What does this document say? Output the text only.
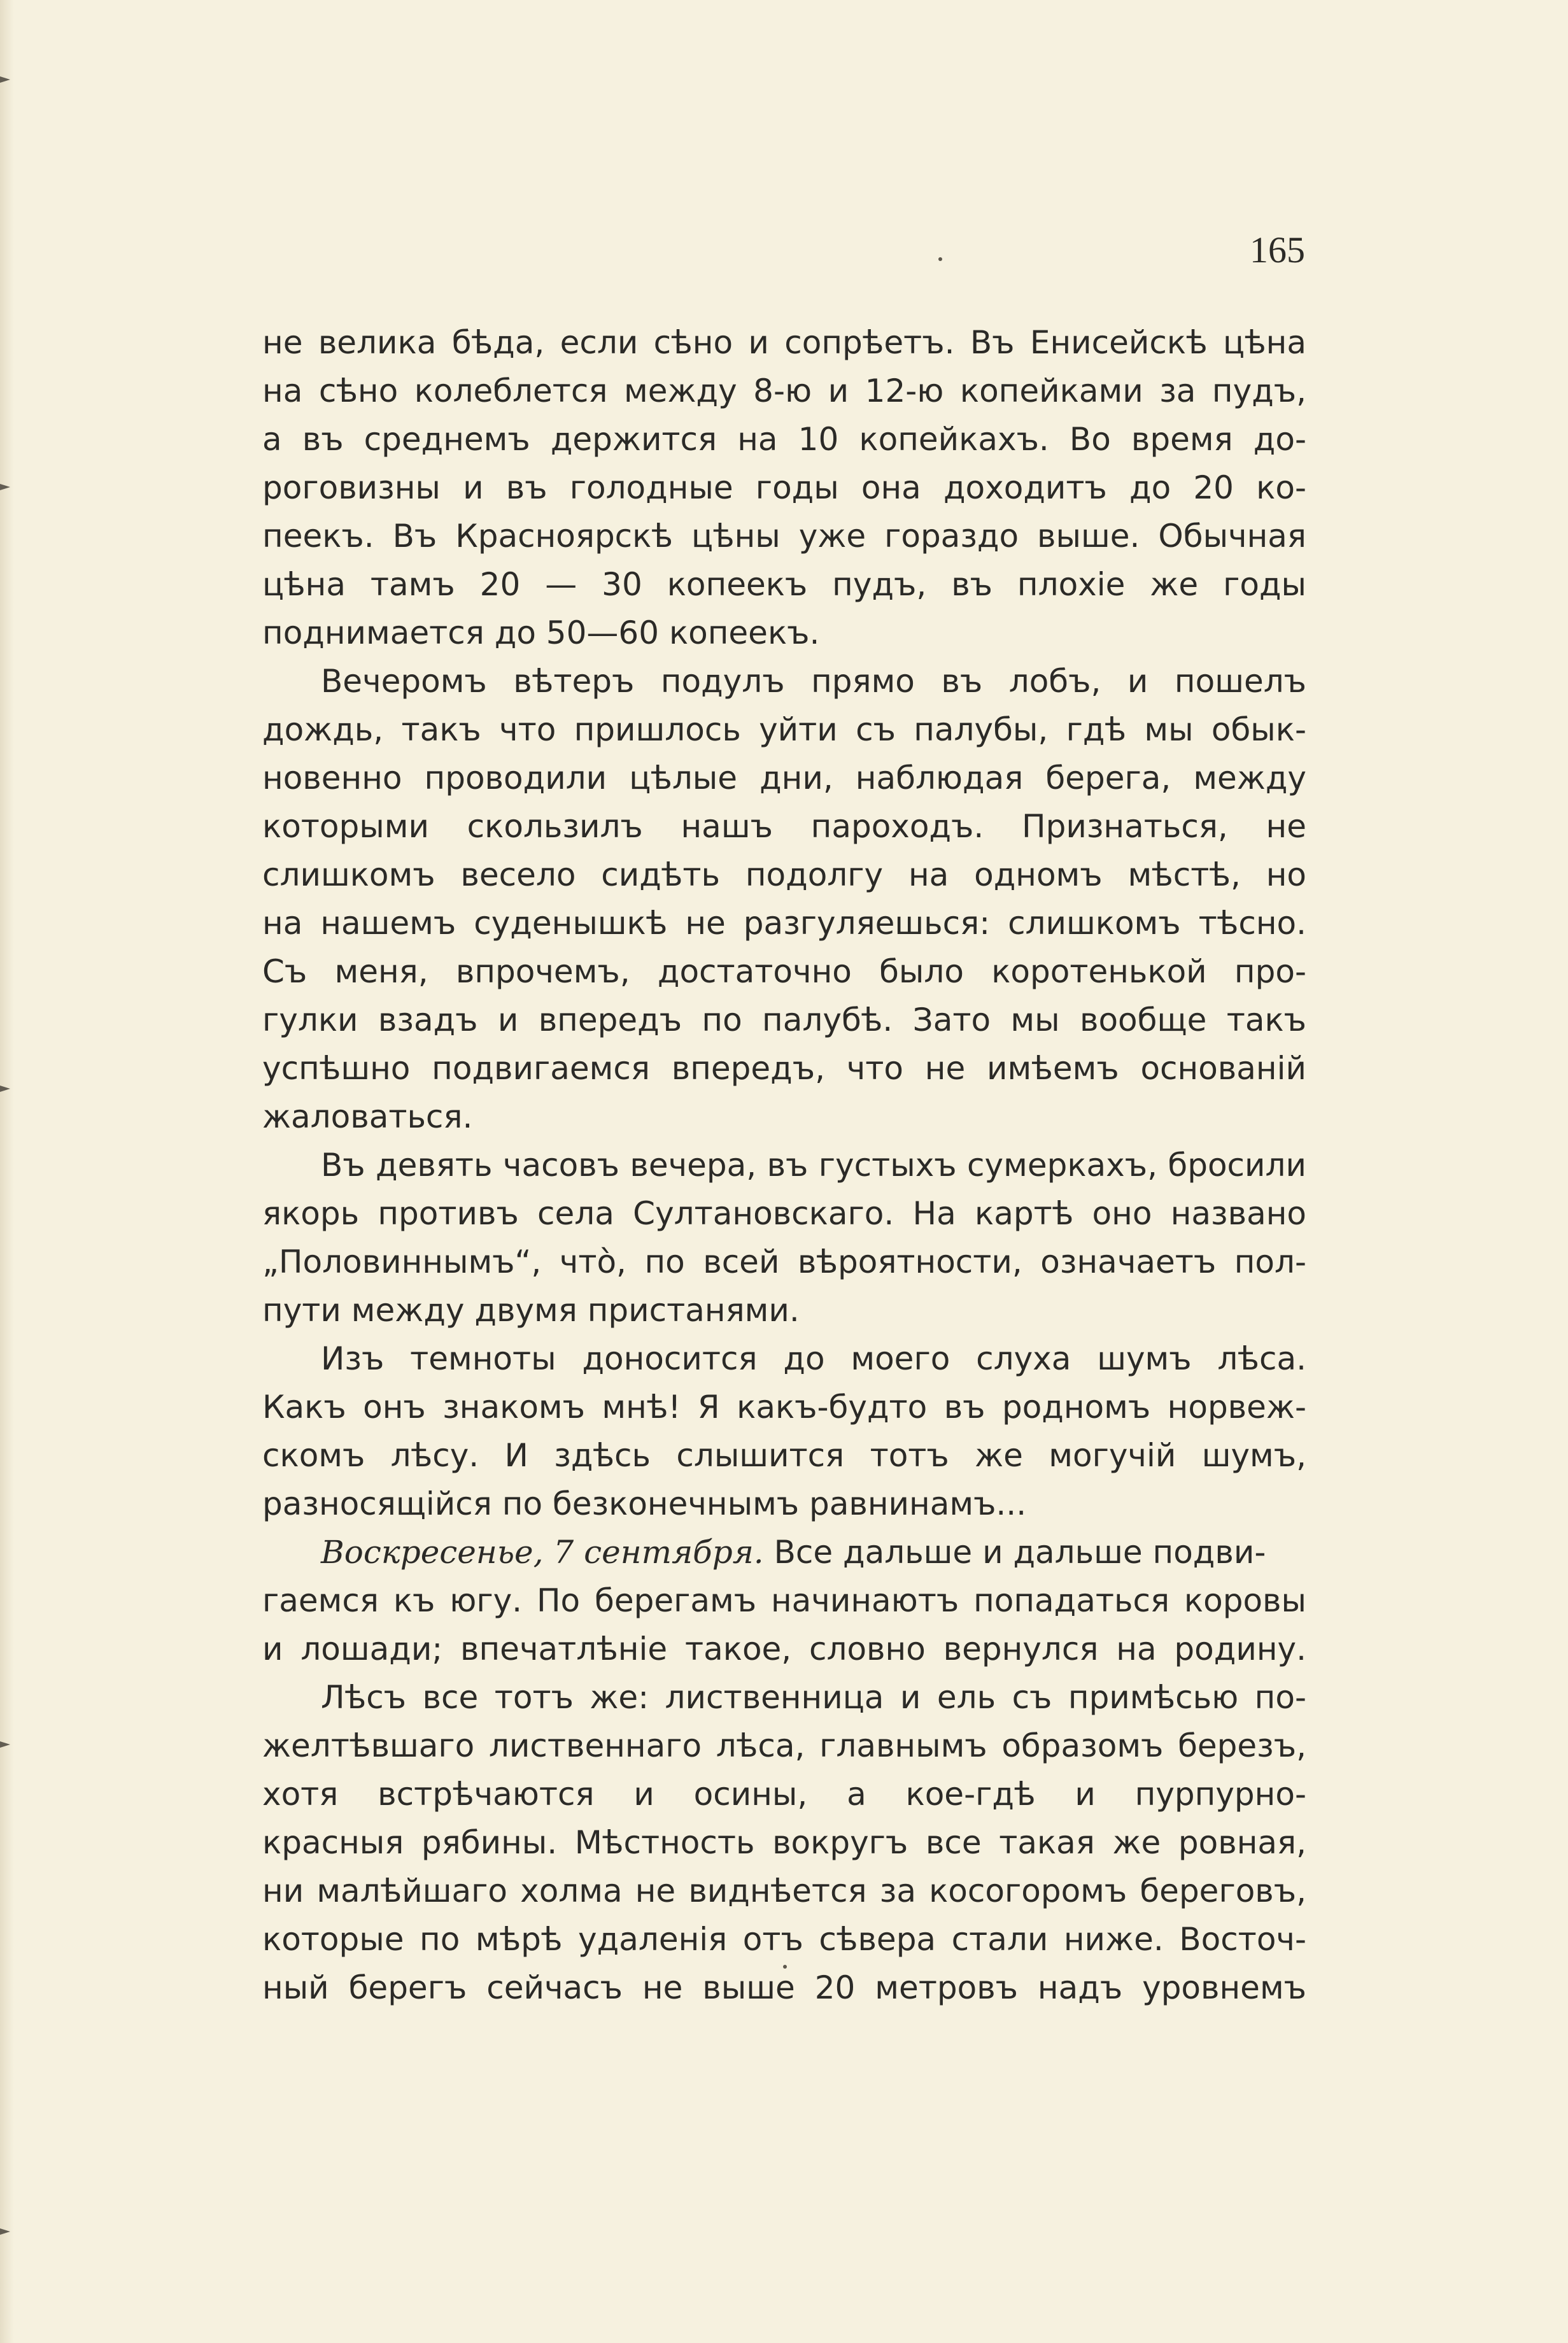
165
не велика бѣда, если сѣно и сопрѣетъ. Въ Енисейскѣ цѣна
на сѣно колеблется между 8-ю и 12-ю копейками за пудъ,
а въ среднемъ держится на 10 копейкахъ. Во время до-
роговизны и въ голодные годы она доходитъ до 20 ко-
пеекъ. Въ Красноярскѣ цѣны уже гораздо выше. Обычная
цѣна тамъ 20 — 30 копеекъ пудъ, въ плохіе же годы
поднимается до 50—60 копеекъ.
Вечеромъ вѣтеръ подулъ прямо въ лобъ, и пошелъ
дождь, такъ что пришлось уйти съ палубы, гдѣ мы обык-
новенно проводили цѣлые дни, наблюдая берега, между
которыми скользилъ нашъ пароходъ. Признаться, не
слишкомъ весело сидѣть подолгу на одномъ мѣстѣ, но
на нашемъ суденышкѣ не разгуляешься: слишкомъ тѣсно.
Съ меня, впрочемъ, достаточно было коротенькой про-
гулки взадъ и впередъ по палубѣ. Зато мы вообще такъ
успѣшно подвигаемся впередъ, что не имѣемъ основаній
жаловаться.
Въ девять часовъ вечера, въ густыхъ сумеркахъ, бросили
якорь противъ села Султановскаго. На картѣ оно названо
„Половиннымъ“, что̀, по всей вѣроятности, означаетъ пол-
пути между двумя пристанями.
Изъ темноты доносится до моего слуха шумъ лѣса.
Какъ онъ знакомъ мнѣ! Я какъ-будто въ родномъ норвеж-
скомъ лѣсу. И здѣсь слышится тотъ же могучій шумъ,
разносящійся по безконечнымъ равнинамъ...
Воскресенье, 7 сентября. Все дальше и дальше подви-
гаемся къ югу. По берегамъ начинаютъ попадаться коровы
и лошади; впечатлѣніе такое, словно вернулся на родину.
Лѣсъ все тотъ же: лиственница и ель съ примѣсью по-
желтѣвшаго лиственнаго лѣса, главнымъ образомъ березъ,
хотя встрѣчаются и осины, а кое-гдѣ и пурпурно-
красныя рябины. Мѣстность вокругъ все такая же ровная,
ни малѣйшаго холма не виднѣется за косогоромъ береговъ,
которые по мѣрѣ удаленія отъ сѣвера стали ниже. Восточ-
ный берегъ сейчасъ не выше 20 метровъ надъ уровнемъ
